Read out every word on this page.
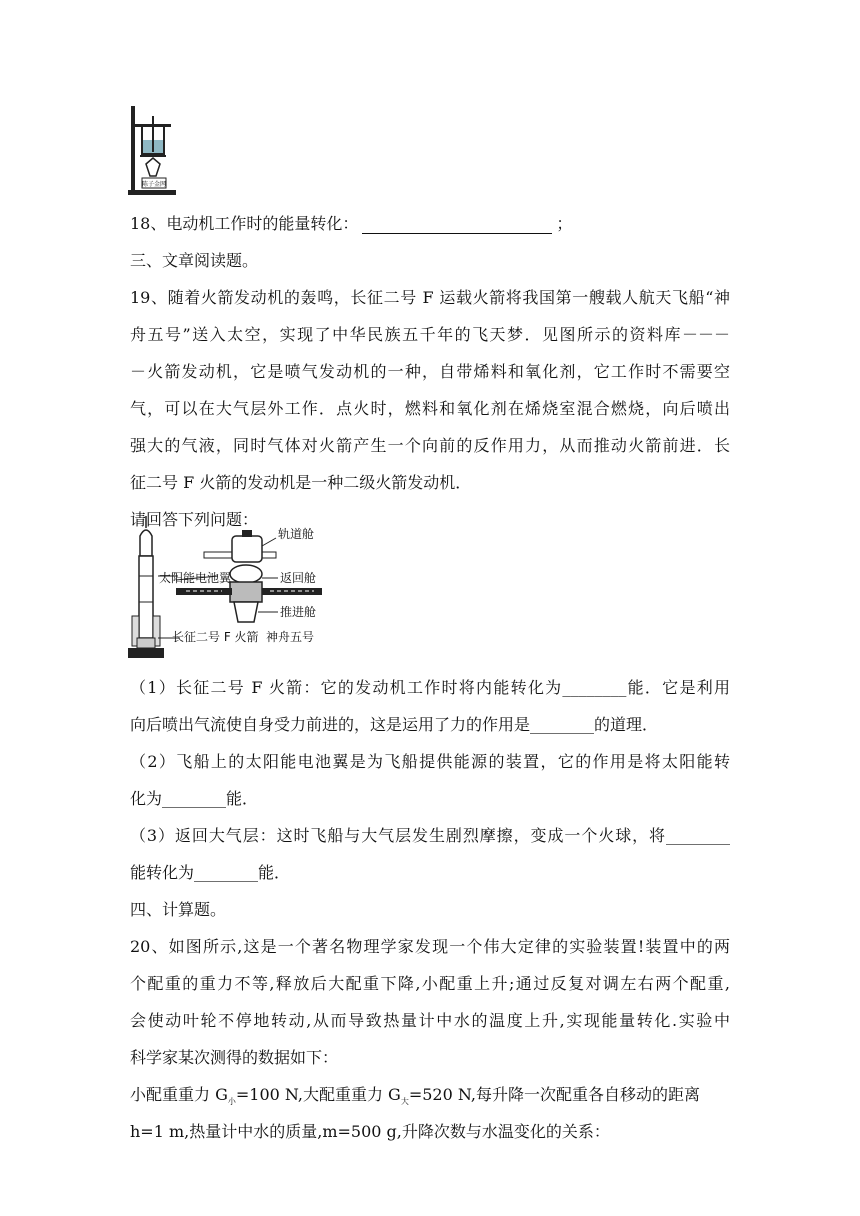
陈子金网
18、电动机工作时的能量转化：	；
三、文章阅读题。
19、随着火箭发动机的轰鸣，长征二号 F 运载火箭将我国第一艘载人航天飞船“神
舟五号”送入太空，实现了中华民族五千年的飞天梦．见图所示的资料库－－－
－火箭发动机，它是喷气发动机的一种，自带烯料和氧化剂，它工作时不需要空
气，可以在大气层外工作．点火时，燃料和氧化剂在烯烧室混合燃烧，向后喷出
强大的气液，同时气体对火箭产生一个向前的反作用力，从而推动火箭前进．长
征二号 F 火箭的发动机是一种二级火箭发动机．
请回答下列问题：
轨道舱
太阳能电池翼	返回舱
推进舱
长征二号 F 火箭 神舟五号
（1）长征二号 F 火箭：它的发动机工作时将内能转化为________能．它是利用
向后喷出气流使自身受力前进的，这是运用了力的作用是________的道理．
（2）飞船上的太阳能电池翼是为飞船提供能源的装置，它的作用是将太阳能转
化为________能．
（3）返回大气层：这时飞船与大气层发生剧烈摩擦，变成一个火球，将________
能转化为________能．
四、计算题。
20、如图所示,这是一个著名物理学家发现一个伟大定律的实验装置!装置中的两
个配重的重力不等,释放后大配重下降,小配重上升;通过反复对调左右两个配重,
会使动叶轮不停地转动,从而导致热量计中水的温度上升,实现能量转化.实验中
科学家某次测得的数据如下：
小配重重力 $G_小=100$ N,大配重重力 $G_大=520$ N,每升降一次配重各自移动的距离
h=1 m,热量计中水的质量,m=500 g,升降次数与水温变化的关系：
